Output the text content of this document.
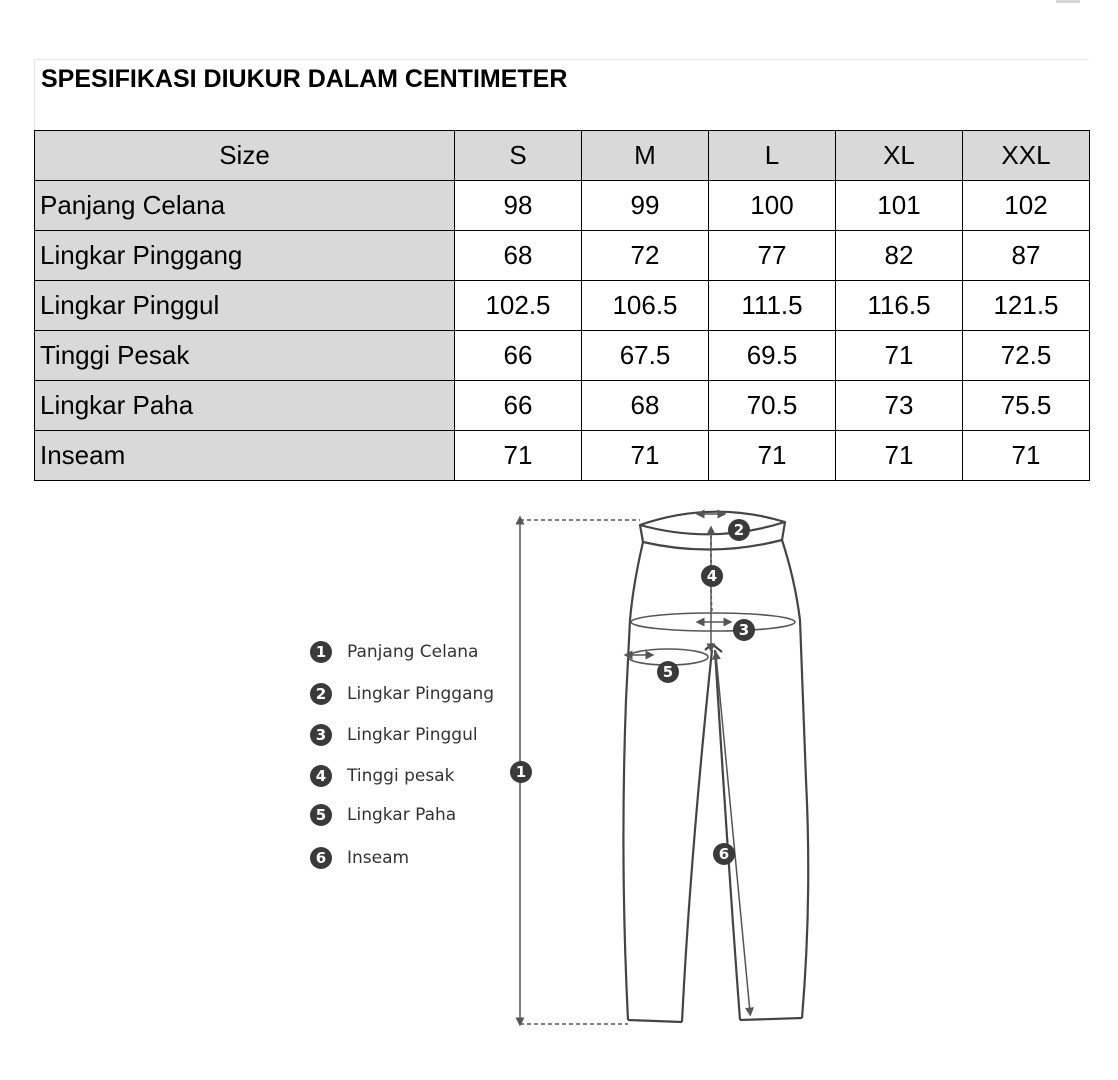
SPESIFIKASI DIUKUR DALAM CENTIMETER
Size	S	M	L	XL	XXL
Panjang Celana	98	99	100	101	102
Lingkar Pinggang	68	72	77	82	87
Lingkar Pinggul	102.5	106.5	111.5	116.5	121.5
Tinggi Pesak	66	67.5	69.5	71	72.5
Lingkar Paha	66	68	70.5	73	75.5
Inseam	71	71	71	71	71
1	Panjang Celana
2	Lingkar Pinggang
3	Lingkar Pinggul
4	Tinggi pesak
5	Lingkar Paha
6	Inseam
1
2
3
4
5
6
